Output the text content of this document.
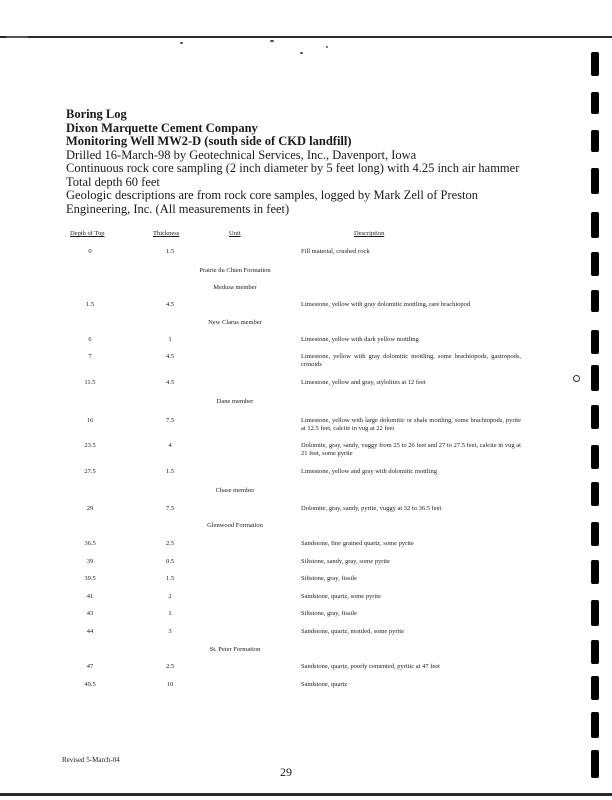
Boring Log
Dixon Marquette Cement Company
Monitoring Well MW2-D (south side of CKD landfill)
Drilled 16-March-98 by Geotechnical Services, Inc., Davenport, Iowa
Continuous rock core sampling (2 inch diameter by 5 feet long) with 4.25 inch air hammer
Total depth 60 feet
Geologic descriptions are from rock core samples, logged by Mark Zell of Preston Engineering, Inc. (All measurements in feet)
Depth of Top	Thickness	Unit	Description
0	1.5	Fill material, crushed rock
Prairie du Chien Formation
Medusa member
1.5	4.5	Limestone, yellow with gray dolomitic mottling, rare brachiopod
New Clarus member
6	1	Limestone, yellow with dark yellow mottling
7	4.5	Limestone, yellow with gray dolomitic mottling, some brachiopods, gastropods, crinoids
11.5	4.5	Limestone, yellow and gray, stylolites at 12 feet
Dane member
16	7.5	Limestone, yellow with large dolomitic or shale mottling, some brachiopods, pyrite at 12.5 feet, calcite in vug at 22 feet
23.5	4	Dolomite, gray, sandy, vuggy from 25 to 26 feet and 27 to 27.5 feet, calcite in vug at 21 feet, some pyrite
27.5	1.5	Limestone, yellow and gray with dolomitic mottling
Chase member
29	7.5	Dolomite, gray, sandy, pyrite, vuggy at 32 to 36.5 feet
Glenwood Formation
36.5	2.5	Sandstone, fine grained quartz, some pyrite
39	0.5	Siltstone, sandy, gray, some pyrite
39.5	1.5	Siltstone, gray, fissile
41	2	Sandstone, quartz, some pyrite
43	1	Siltstone, gray, fissile
44	3	Sandstone, quartz, mottled, some pyrite
St. Peter Formation
47	2.5	Sandstone, quartz, poorly cemented, pyritic at 47 feet
49.5	10	Sandstone, quartz
Revised 5-March-04
29
